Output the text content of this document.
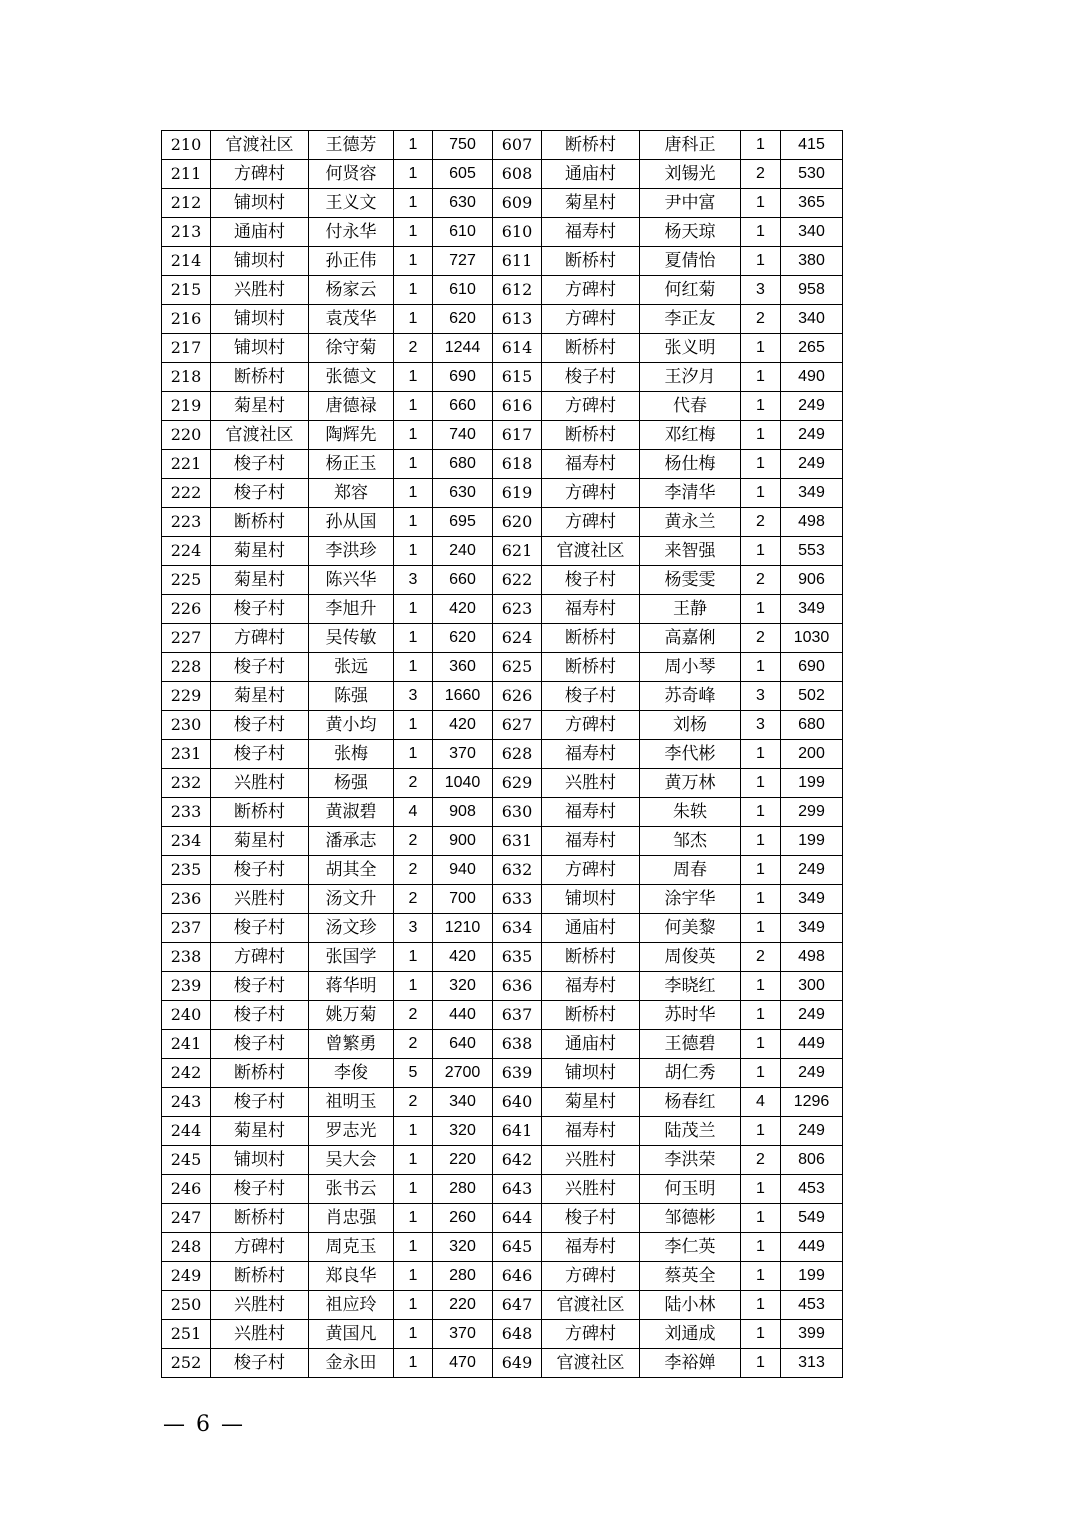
210	官渡社区	王德芳	1	750	607	断桥村	唐科正	1	415
211	方碑村	何贤容	1	605	608	通庙村	刘锡光	2	530
212	铺坝村	王义文	1	630	609	菊星村	尹中富	1	365
213	通庙村	付永华	1	610	610	福寿村	杨天琼	1	340
214	铺坝村	孙正伟	1	727	611	断桥村	夏倩怡	1	380
215	兴胜村	杨家云	1	610	612	方碑村	何红菊	3	958
216	铺坝村	袁茂华	1	620	613	方碑村	李正友	2	340
217	铺坝村	徐守菊	2	1244	614	断桥村	张义明	1	265
218	断桥村	张德文	1	690	615	梭子村	王汐月	1	490
219	菊星村	唐德禄	1	660	616	方碑村	代春	1	249
220	官渡社区	陶辉先	1	740	617	断桥村	邓红梅	1	249
221	梭子村	杨正玉	1	680	618	福寿村	杨仕梅	1	249
222	梭子村	郑容	1	630	619	方碑村	李清华	1	349
223	断桥村	孙从国	1	695	620	方碑村	黄永兰	2	498
224	菊星村	李洪珍	1	240	621	官渡社区	来智强	1	553
225	菊星村	陈兴华	3	660	622	梭子村	杨雯雯	2	906
226	梭子村	李旭升	1	420	623	福寿村	王静	1	349
227	方碑村	吴传敏	1	620	624	断桥村	高嘉俐	2	1030
228	梭子村	张远	1	360	625	断桥村	周小琴	1	690
229	菊星村	陈强	3	1660	626	梭子村	苏奇峰	3	502
230	梭子村	黄小均	1	420	627	方碑村	刘杨	3	680
231	梭子村	张梅	1	370	628	福寿村	李代彬	1	200
232	兴胜村	杨强	2	1040	629	兴胜村	黄万林	1	199
233	断桥村	黄淑碧	4	908	630	福寿村	朱轶	1	299
234	菊星村	潘承志	2	900	631	福寿村	邹杰	1	199
235	梭子村	胡其全	2	940	632	方碑村	周春	1	249
236	兴胜村	汤文升	2	700	633	铺坝村	涂宇华	1	349
237	梭子村	汤文珍	3	1210	634	通庙村	何美黎	1	349
238	方碑村	张国学	1	420	635	断桥村	周俊英	2	498
239	梭子村	蒋华明	1	320	636	福寿村	李晓红	1	300
240	梭子村	姚万菊	2	440	637	断桥村	苏时华	1	249
241	梭子村	曾繁勇	2	640	638	通庙村	王德碧	1	449
242	断桥村	李俊	5	2700	639	铺坝村	胡仁秀	1	249
243	梭子村	祖明玉	2	340	640	菊星村	杨春红	4	1296
244	菊星村	罗志光	1	320	641	福寿村	陆茂兰	1	249
245	铺坝村	吴大会	1	220	642	兴胜村	李洪荣	2	806
246	梭子村	张书云	1	280	643	兴胜村	何玉明	1	453
247	断桥村	肖忠强	1	260	644	梭子村	邹德彬	1	549
248	方碑村	周克玉	1	320	645	福寿村	李仁英	1	449
249	断桥村	郑良华	1	280	646	方碑村	蔡英全	1	199
250	兴胜村	祖应玲	1	220	647	官渡社区	陆小林	1	453
251	兴胜村	黄国凡	1	370	648	方碑村	刘通成	1	399
252	梭子村	金永田	1	470	649	官渡社区	李裕婵	1	313
— 6 —
